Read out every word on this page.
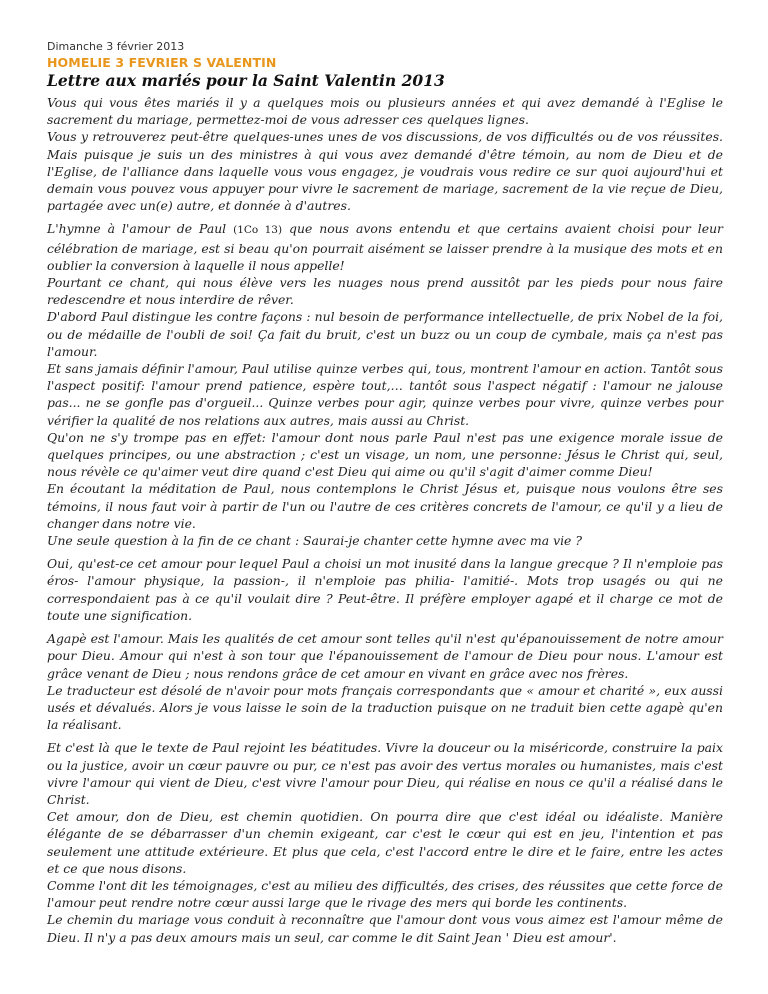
Dimanche 3 février 2013
HOMELIE 3 FEVRIER S VALENTIN
Lettre aux mariés pour la Saint Valentin 2013

Vous qui vous êtes mariés il y a quelques mois ou plusieurs années et qui avez demandé à l'Eglise le sacrement du mariage, permettez-moi de vous adresser ces quelques lignes.

Vous y retrouverez peut-être quelques-unes unes de vos discussions, de vos difficultés ou de vos réussites. Mais puisque je suis un des ministres à qui vous avez demandé d'être témoin, au nom de Dieu et de l'Eglise, de l'alliance dans laquelle vous vous engagez, je voudrais vous redire ce sur quoi aujourd'hui et demain vous pouvez vous appuyer pour vivre le sacrement de mariage, sacrement de la vie reçue de Dieu, partagée avec un(e) autre, et donnée à d'autres.

L'hymne à l'amour de Paul (1Co 13) que nous avons entendu et que certains avaient choisi pour leur célébration de mariage, est si beau qu'on pourrait aisément se laisser prendre à la musique des mots et en oublier la conversion à laquelle il nous appelle!

Pourtant ce chant, qui nous élève vers les nuages nous prend aussitôt par les pieds pour nous faire redescendre et nous interdire de rêver.

D'abord Paul distingue les contre façons : nul besoin de performance intellectuelle, de prix Nobel de la foi, ou de médaille de l'oubli de soi! Ça fait du bruit, c'est un buzz ou un coup de cymbale, mais ça n'est pas l'amour.

Et sans jamais définir l'amour, Paul utilise quinze verbes qui, tous, montrent l'amour en action. Tantôt sous l'aspect positif: l'amour prend patience, espère tout,… tantôt sous l'aspect négatif : l'amour ne jalouse pas... ne se gonfle pas d'orgueil... Quinze verbes pour agir, quinze verbes pour vivre, quinze verbes pour vérifier la qualité de nos relations aux autres, mais aussi au Christ.

Qu'on ne s'y trompe pas en effet: l'amour dont nous parle Paul n'est pas une exigence morale issue de quelques principes, ou une abstraction ; c'est un visage, un nom, une personne: Jésus le Christ qui, seul, nous révèle ce qu'aimer veut dire quand c'est Dieu qui aime ou qu'il s'agit d'aimer comme Dieu!

En écoutant la méditation de Paul, nous contemplons le Christ Jésus et, puisque nous voulons être ses témoins, il nous faut voir à partir de l'un ou l'autre de ces critères concrets de l'amour, ce qu'il y a lieu de changer dans notre vie.

Une seule question à la fin de ce chant : Saurai-je chanter cette hymne avec ma vie ?

Oui, qu'est-ce cet amour pour lequel Paul a choisi un mot inusité dans la langue grecque ? Il n'emploie pas éros- l'amour physique, la passion-, il n'emploie pas philia- l'amitié-. Mots trop usagés ou qui ne correspondaient pas à ce qu'il voulait dire ? Peut-être. Il préfère employer agapé et il charge ce mot de toute une signification.

Agapè est l'amour. Mais les qualités de cet amour sont telles qu'il n'est qu'épanouissement de notre amour pour Dieu. Amour qui n'est à son tour que l'épanouissement de l'amour de Dieu pour nous. L'amour est grâce venant de Dieu ; nous rendons grâce de cet amour en vivant en grâce avec nos frères.

Le traducteur est désolé de n'avoir pour mots français correspondants que « amour et charité », eux aussi usés et dévalués. Alors je vous laisse le soin de la traduction puisque on ne traduit bien cette agapè qu'en la réalisant.

Et c'est là que le texte de Paul rejoint les béatitudes. Vivre la douceur ou la miséricorde, construire la paix ou la justice, avoir un cœur pauvre ou pur, ce n'est pas avoir des vertus morales ou humanistes, mais c'est vivre l'amour qui vient de Dieu, c'est vivre l'amour pour Dieu, qui réalise en nous ce qu'il a réalisé dans le Christ.

Cet amour, don de Dieu, est chemin quotidien. On pourra dire que c'est idéal ou idéaliste. Manière élégante de se débarrasser d'un chemin exigeant, car c'est le cœur qui est en jeu, l'intention et pas seulement une attitude extérieure. Et plus que cela, c'est l'accord entre le dire et le faire, entre les actes et ce que nous disons.

Comme l'ont dit les témoignages, c'est au milieu des difficultés, des crises, des réussites que cette force de l'amour peut rendre notre cœur aussi large que le rivage des mers qui borde les continents.

Le chemin du mariage vous conduit à reconnaître que l'amour dont vous vous aimez est l'amour même de Dieu. Il n'y a pas deux amours mais un seul, car comme le dit Saint Jean ' Dieu est amour'.
